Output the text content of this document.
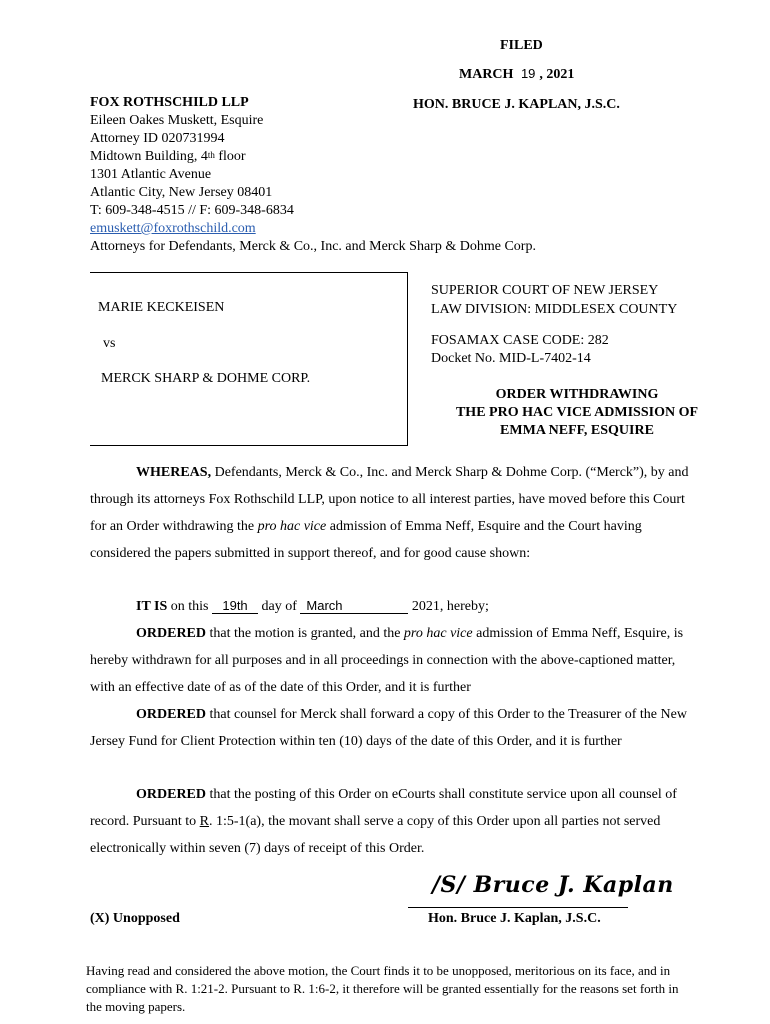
FILED
MARCH 19 , 2021
HON. BRUCE J. KAPLAN, J.S.C.
FOX ROTHSCHILD LLP
Eileen Oakes Muskett, Esquire
Attorney ID 020731994
Midtown Building, 4th floor
1301 Atlantic Avenue
Atlantic City, New Jersey 08401
T: 609-348-4515 // F: 609-348-6834
emuskett@foxrothschild.com
Attorneys for Defendants, Merck & Co., Inc. and Merck Sharp & Dohme Corp.
MARIE KECKEISEN
vs
MERCK SHARP & DOHME CORP.
SUPERIOR COURT OF NEW JERSEY
LAW DIVISION: MIDDLESEX COUNTY
FOSAMAX CASE CODE: 282
Docket No. MID-L-7402-14
ORDER WITHDRAWING
THE PRO HAC VICE ADMISSION OF
EMMA NEFF, ESQUIRE
WHEREAS, Defendants, Merck & Co., Inc. and Merck Sharp & Dohme Corp. (“Merck”), by and through its attorneys Fox Rothschild LLP, upon notice to all interest parties, have moved before this Court for an Order withdrawing the pro hac vice admission of Emma Neff, Esquire and the Court having considered the papers submitted in support thereof, and for good cause shown:
IT IS on this 19th day of March	2021, hereby;
ORDERED that the motion is granted, and the pro hac vice admission of Emma Neff, Esquire, is hereby withdrawn for all purposes and in all proceedings in connection with the above-captioned matter, with an effective date of as of the date of this Order, and it is further
ORDERED that counsel for Merck shall forward a copy of this Order to the Treasurer of the New Jersey Fund for Client Protection within ten (10) days of the date of this Order, and it is further
ORDERED that the posting of this Order on eCourts shall constitute service upon all counsel of record. Pursuant to R. 1:5-1(a), the movant shall serve a copy of this Order upon all parties not served electronically within seven (7) days of receipt of this Order.
/S/ Bruce J. Kaplan
Hon. Bruce J. Kaplan, J.S.C.
(X) Unopposed
Having read and considered the above motion, the Court finds it to be unopposed, meritorious on its face, and in compliance with R. 1:21-2. Pursuant to R. 1:6-2, it therefore will be granted essentially for the reasons set forth in the moving papers.
